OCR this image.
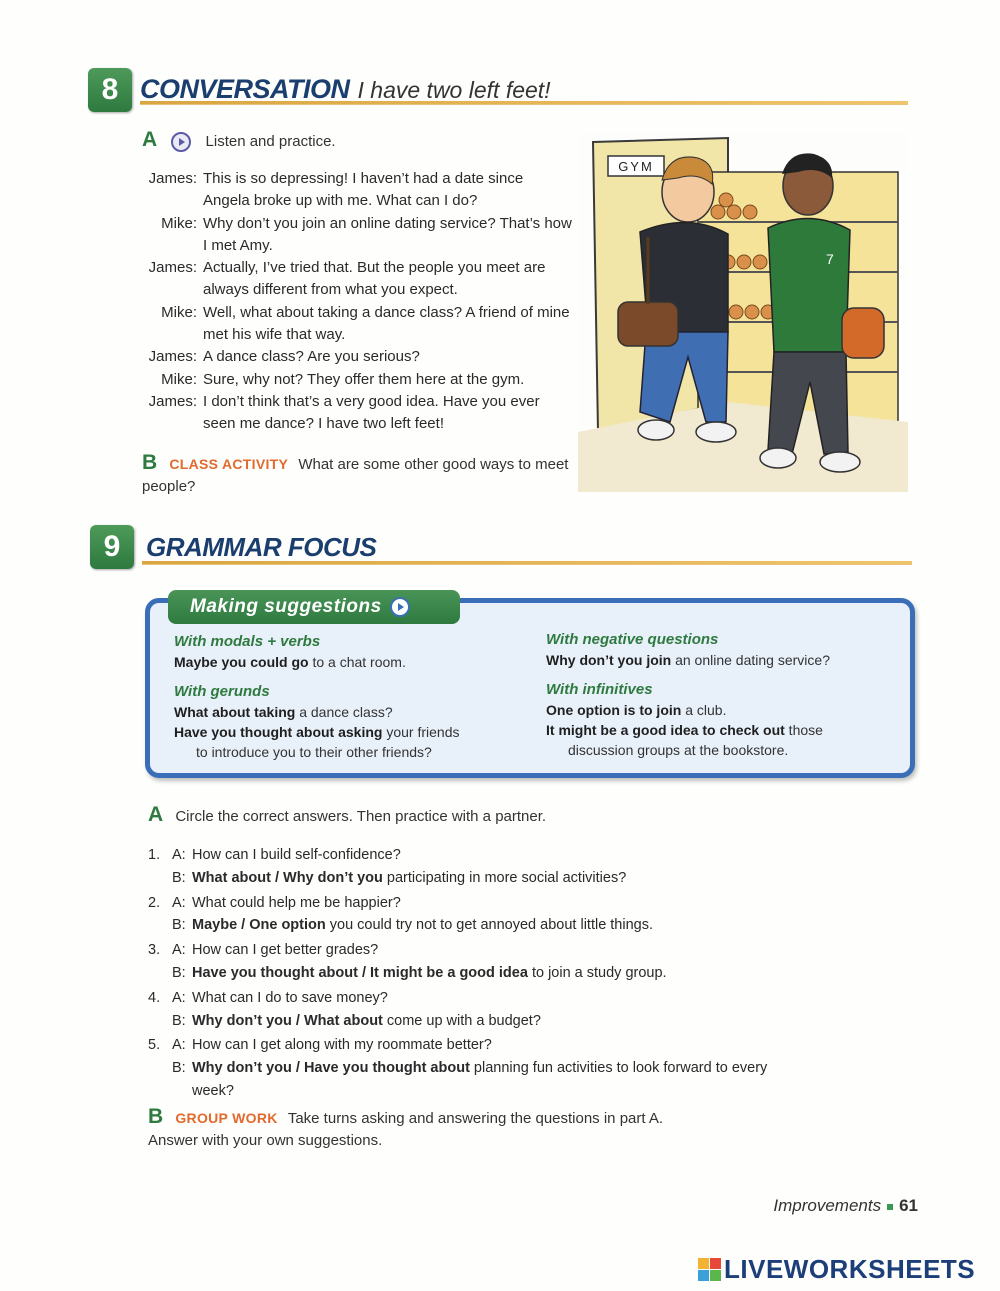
8 CONVERSATION I have two left feet!
A	Listen and practice.
James: This is so depressing! I haven’t had a date since Angela broke up with me. What can I do?
Mike: Why don’t you join an online dating service? That’s how I met Amy.
James: Actually, I’ve tried that. But the people you meet are always different from what you expect.
Mike: Well, what about taking a dance class? A friend of mine met his wife that way.
James: A dance class? Are you serious?
Mike: Sure, why not? They offer them here at the gym.
James: I don’t think that’s a very good idea. Have you ever seen me dance? I have two left feet!
GYM
7
B CLASS ACTIVITY What are some other good ways to meet people?
9 GRAMMAR FOCUS
Making suggestions
With modals + verbs
Maybe you could go to a chat room.
With gerunds
What about taking a dance class?
Have you thought about asking your friends
to introduce you to their other friends?
With negative questions
Why don’t you join an online dating service?
With infinitives
One option is to join a club.
It might be a good idea to check out those
discussion groups at the bookstore.
A Circle the correct answers. Then practice with a partner.
1. A: How can I build self-confidence?
B: What about / Why don’t you participating in more social activities?
2. A: What could help me be happier?
B: Maybe / One option you could try not to get annoyed about little things.
3. A: How can I get better grades?
B: Have you thought about / It might be a good idea to join a study group.
4. A: What can I do to save money?
B: Why don’t you / What about come up with a budget?
5. A: How can I get along with my roommate better?
B: Why don’t you / Have you thought about planning fun activities to look forward to every week?
B GROUP WORK Take turns asking and answering the questions in part A.
Answer with your own suggestions.
Improvements 61
LIVEWORKSHEETS
